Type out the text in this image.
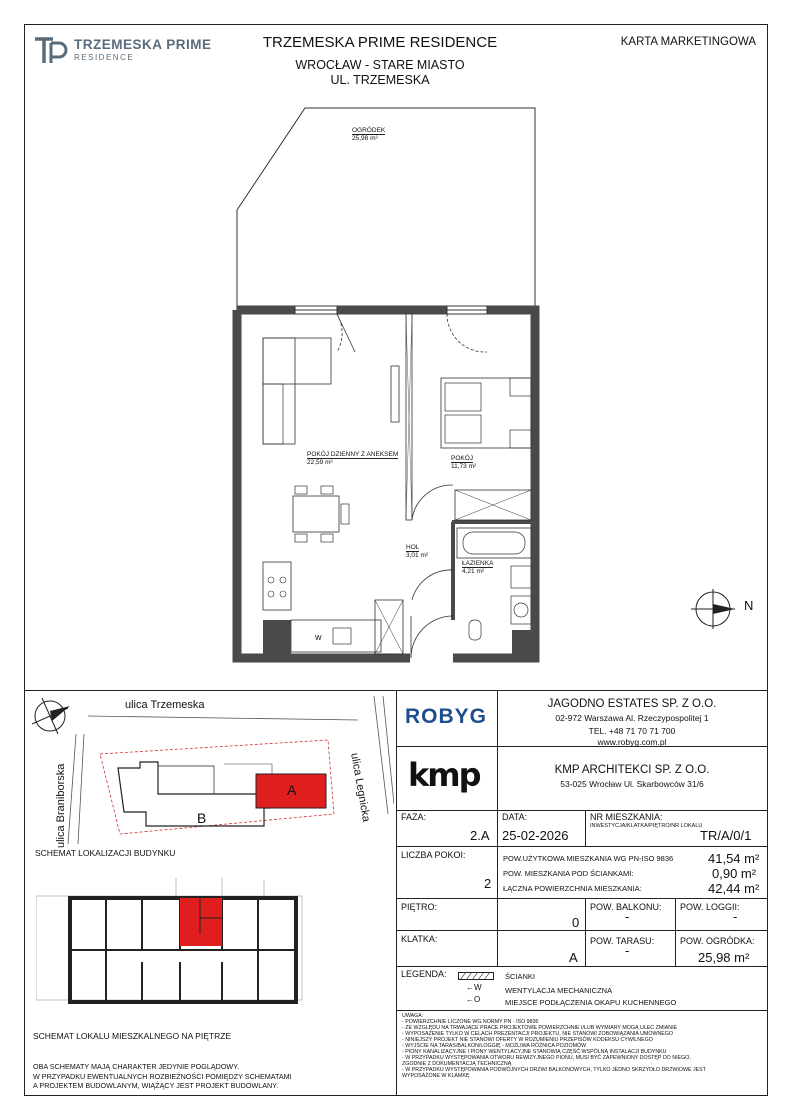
TRZEMESKA PRIME
RESIDENCE
TRZEMESKA PRIME RESIDENCE
WROCŁAW - STARE MIASTO
UL. TRZEMESKA
KARTA MARKETINGOWA
W
OGRÓDEK
25,98 m²
POKÓJ DZIENNY Z ANEKSEM
22,59 m²
POKÓJ
11,73 m²
HOL
3,01 m²
ŁAZIENKA
4,21 m²
N
ulica Trzemeska
ulica Braniborska	ulica Legnicka
A
B
SCHEMAT LOKALIZACJI BUDYNKU
SCHEMAT LOKALU MIESZKALNEGO NA PIĘTRZE
OBA SCHEMATY MAJĄ CHARAKTER JEDYNIE POGLĄDOWY.
W PRZYPADKU EWENTUALNYCH ROZBIEŻNOŚCI POMIĘDZY SCHEMATAMI
A PROJEKTEM BUDOWLANYM, WIĄŻĄCY JEST PROJEKT BUDOWLANY.
ROBYG
JAGODNO ESTATES SP. Z O.O.
02-972 Warszawa Al. Rzeczypospolitej 1
TEL. +48 71 70 71 700
www.robyg.com.pl
kmp	KMP ARCHITEKCI SP. Z O.O.
53-025 Wrocław Ul. Skarbowców 31/6
FAZA:
2.A
DATA:
25-02-2026
NR MIESZKANIA:
INWESTYCJA/KLATKA/PIĘTRO/NR LOKALU
TR/A/0/1
LICZBA POKOI:
2
POW.UŻYTKOWA MIESZKANIA WG PN-ISO 9836	41,54 m²
POW. MIESZKANIA POD ŚCIANKAMI:	0,90 m²
ŁĄCZNA POWIERZCHNIA MIESZKANIA:	42,44 m²
PIĘTRO:
0
POW. BALKONU:
-
POW. LOGGII:
-
KLATKA:
A
POW. TARASU:
-
POW. OGRÓDKA:
25,98 m²
LEGENDA:	ŚCIANKI
←W	WENTYLACJA MECHANICZNA
←O	MIEJSCE PODŁĄCZENIA OKAPU KUCHENNEGO
UWAGA:
- POWIERZCHNIE LICZONE WG NORMY PN - ISO 9836
- ZE WZGLĘDU NA TRWAJĄCE PRACE PROJEKTOWE POWIERZCHNIE I/LUB WYMIARY MOGĄ ULEC ZMIANIE
- WYPOSAŻENIE TYLKO W CELACH PREZENTACJI PROJEKTU, NIE STANOWI ZOBOWIĄZANIA UMOWNEGO
- NINIEJSZY PROJEKT NIE STANOWI OFERTY W ROZUMIENIU PRZEPISÓW KODEKSU CYWILNEGO
- WYJŚCIE NA TARAS/BALKON/LOGGIĘ - MOŻLIWA RÓŻNICA POZIOMÓW
- PIONY KANALIZACYJNE I PIONY WENTYLACYJNE STANOWIĄ CZĘŚĆ WSPÓLNĄ INSTALACJI BUDYNKU
- W PRZYPADKU WYSTĘPOWANIA OTWORU REWIZYJNEGO PIONU, MUSI BYĆ ZAPEWNIONY DOSTĘP DO NIEGO,
ZGODNIE Z DOKUMENTACJĄ TECHNICZNĄ
- W PRZYPADKU WYSTĘPOWANIA PODWÓJNYCH DRZWI BALKONOWYCH, TYLKO JEDNO SKRZYDŁO DRZWIOWE JEST
WYPOSAŻONE W KLAMKĘ
